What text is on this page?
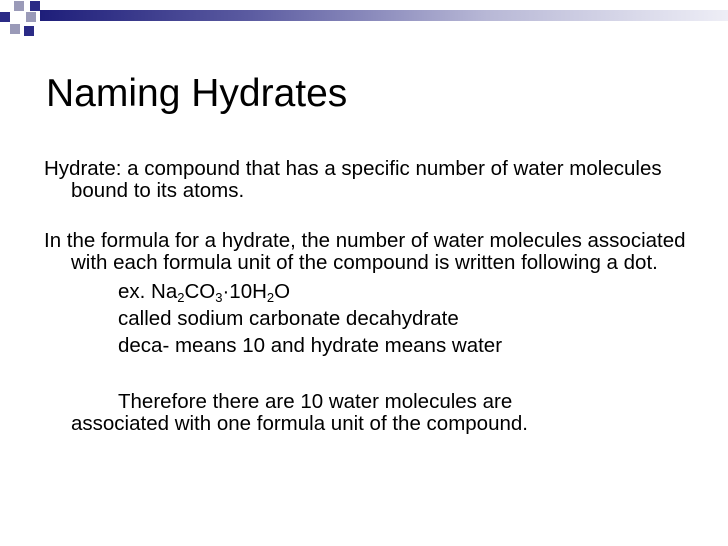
Naming Hydrates

Hydrate: a compound that has a specific number of water molecules bound to its atoms.

In the formula for a hydrate, the number of water molecules associated with each formula unit of the compound is written following a dot.

ex. $Na_2CO_3\cdot 10H_2O$

called sodium carbonate decahydrate

deca- means 10 and hydrate means water

Therefore there are 10 water molecules are

associated with one formula unit of the compound.
